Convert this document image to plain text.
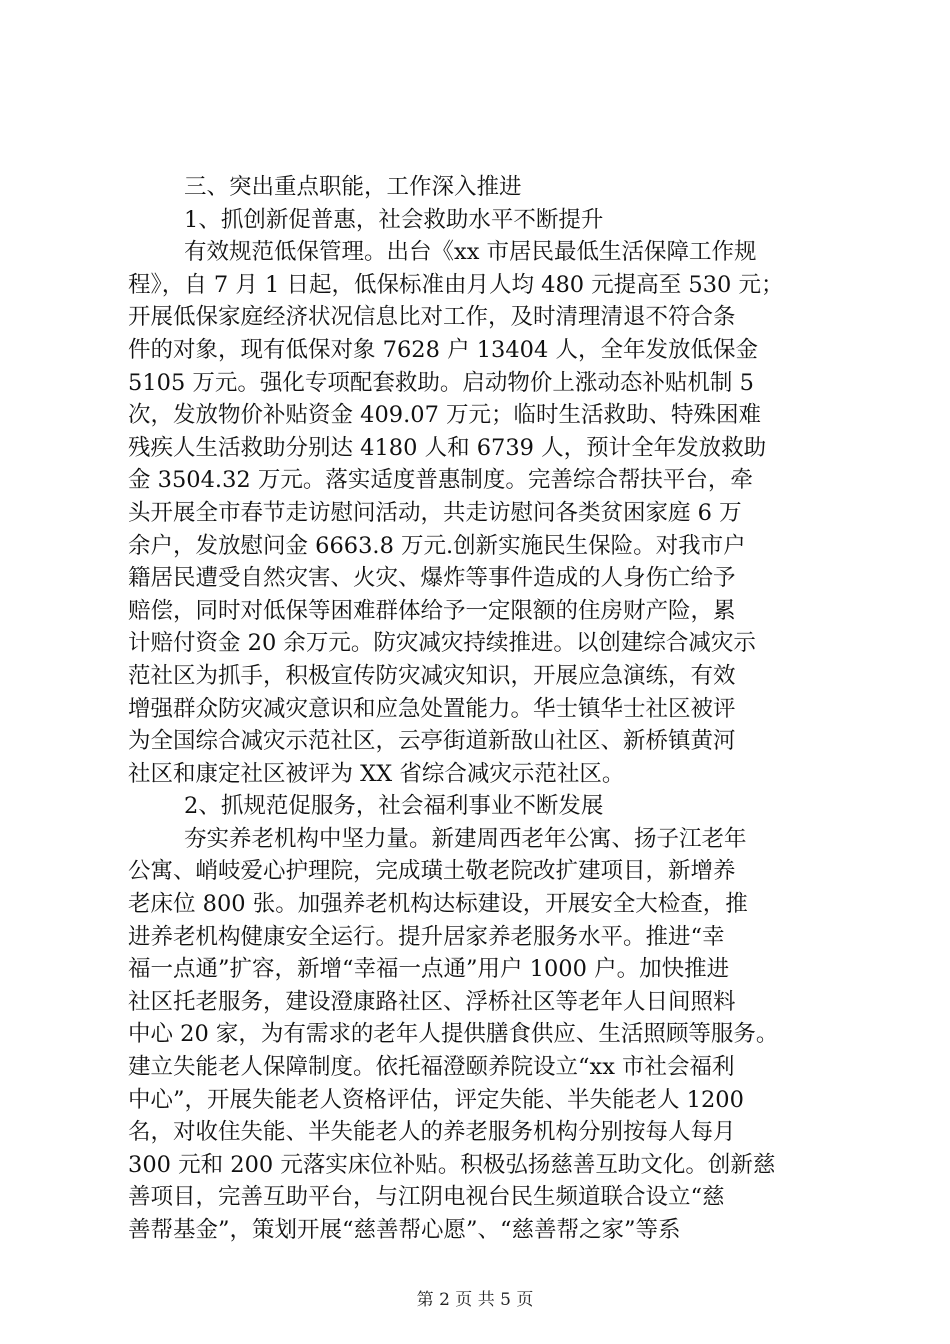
三、突出重点职能，工作深入推进
1、抓创新促普惠，社会救助水平不断提升
有效规范低保管理。出台《xx 市居民最低生活保障工作规
程》，自 7 月 1 日起，低保标准由月人均 480 元提高至 530 元；
开展低保家庭经济状况信息比对工作，及时清理清退不符合条
件的对象，现有低保对象 7628 户 13404 人，全年发放低保金
5105 万元。强化专项配套救助。启动物价上涨动态补贴机制 5
次，发放物价补贴资金 409.07 万元；临时生活救助、特殊困难
残疾人生活救助分别达 4180 人和 6739 人，预计全年发放救助
金 3504.32 万元。落实适度普惠制度。完善综合帮扶平台，牵
头开展全市春节走访慰问活动，共走访慰问各类贫困家庭 6 万
余户，发放慰问金 6663.8 万元.创新实施民生保险。对我市户
籍居民遭受自然灾害、火灾、爆炸等事件造成的人身伤亡给予
赔偿，同时对低保等困难群体给予一定限额的住房财产险，累
计赔付资金 20 余万元。防灾减灾持续推进。以创建综合减灾示
范社区为抓手，积极宣传防灾减灾知识，开展应急演练，有效
增强群众防灾减灾意识和应急处置能力。华士镇华士社区被评
为全国综合减灾示范社区，云亭街道新敔山社区、新桥镇黄河
社区和康定社区被评为 XX 省综合减灾示范社区。
2、抓规范促服务，社会福利事业不断发展
夯实养老机构中坚力量。新建周西老年公寓、扬子江老年
公寓、峭岐爱心护理院，完成璜土敬老院改扩建项目，新增养
老床位 800 张。加强养老机构达标建设，开展安全大检查，推
进养老机构健康安全运行。提升居家养老服务水平。推进“幸
福一点通”扩容，新增“幸福一点通”用户 1000 户。加快推进
社区托老服务，建设澄康路社区、浮桥社区等老年人日间照料
中心 20 家，为有需求的老年人提供膳食供应、生活照顾等服务。
建立失能老人保障制度。依托福澄颐养院设立“xx 市社会福利
中心”，开展失能老人资格评估，评定失能、半失能老人 1200
名，对收住失能、半失能老人的养老服务机构分别按每人每月
300 元和 200 元落实床位补贴。积极弘扬慈善互助文化。创新慈
善项目，完善互助平台，与江阴电视台民生频道联合设立“慈
善帮基金”，策划开展“慈善帮心愿”、“慈善帮之家”等系
第 2 页 共 5 页
